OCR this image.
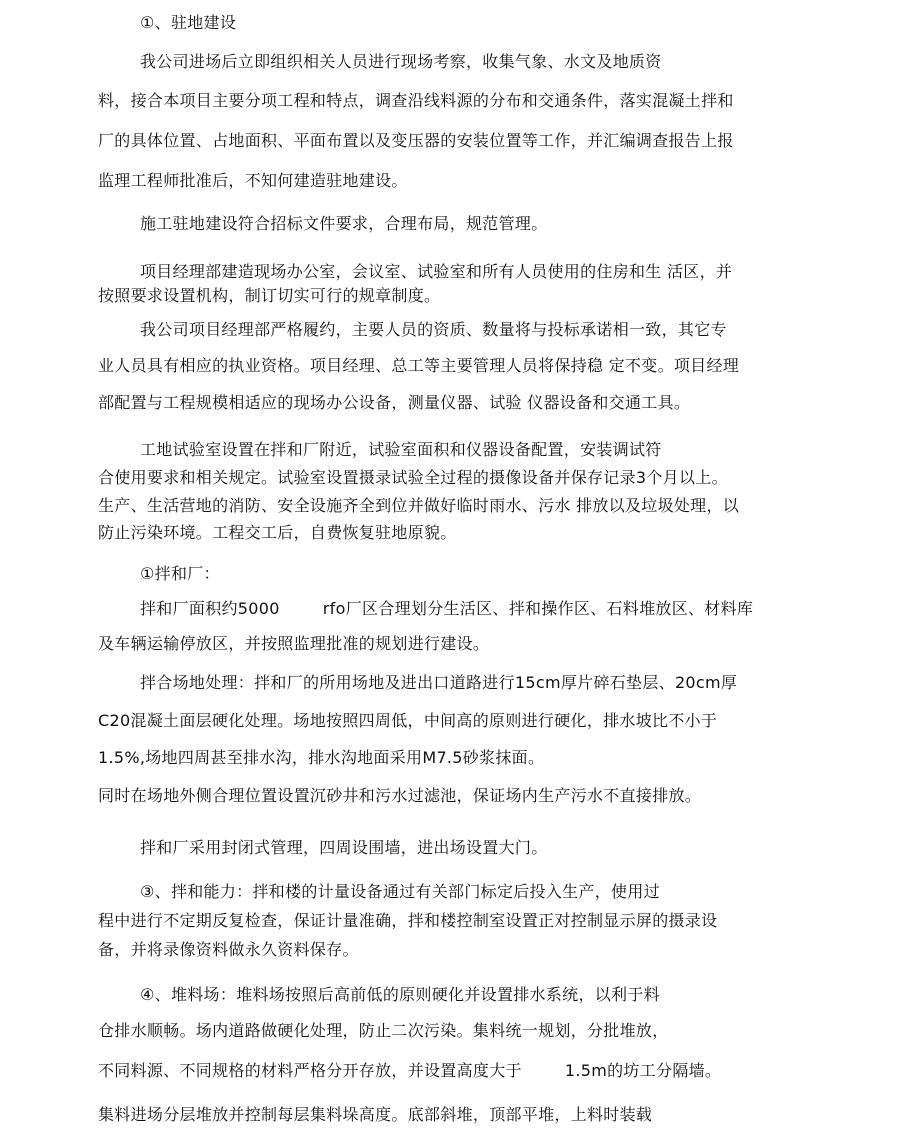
①、驻地建设
我公司进场后立即组织相关人员进行现场考察，收集气象、水文及地质资
料，接合本项目主要分项工程和特点，调查沿线料源的分布和交通条件，落实混凝土拌和
厂的具体位置、占地面积、平面布置以及变压器的安装位置等工作，并汇编调查报告上报
监理工程师批准后，不知何建造驻地建设。
施工驻地建设符合招标文件要求，合理布局，规范管理。
项目经理部建造现场办公室，会议室、试验室和所有人员使用的住房和生 活区，并
按照要求设置机构，制订切实可行的规章制度。
我公司项目经理部严格履约，主要人员的资质、数量将与投标承诺相一致，其它专
业人员具有相应的执业资格。项目经理、总工等主要管理人员将保持稳 定不变。项目经理
部配置与工程规模相适应的现场办公设备，测量仪器、试验 仪器设备和交通工具。
工地试验室设置在拌和厂附近，试验室面积和仪器设备配置，安装调试符
合使用要求和相关规定。试验室设置摄录试验全过程的摄像设备并保存记录3个月以上。
生产、生活营地的消防、安全设施齐全到位并做好临时雨水、污水 排放以及垃圾处理，以
防止污染环境。工程交工后，自费恢复驻地原貌。
①拌和厂：
拌和厂面积约5000        rfo厂区合理划分生活区、拌和操作区、石料堆放区、材料库
及车辆运输停放区，并按照监理批准的规划进行建设。
拌合场地处理：拌和厂的所用场地及进出口道路进行15cm厚片碎石垫层、20cm厚
C20混凝土面层硬化处理。场地按照四周低，中间高的原则进行硬化，排水坡比不小于
1.5%,场地四周甚至排水沟，排水沟地面采用M7.5砂浆抹面。
同时在场地外侧合理位置设置沉砂井和污水过滤池，保证场内生产污水不直接排放。
拌和厂采用封闭式管理，四周设围墙，进出场设置大门。
③、拌和能力：拌和楼的计量设备通过有关部门标定后投入生产，使用过
程中进行不定期反复检查，保证计量准确，拌和楼控制室设置正对控制显示屏的摄录设
备，并将录像资料做永久资料保存。
④、堆料场：堆料场按照后高前低的原则硬化并设置排水系统，以利于料
仓排水顺畅。场内道路做硬化处理，防止二次污染。集料统一规划，分批堆放，
不同料源、不同规格的材料严格分开存放，并设置高度大于        1.5m的坊工分隔墙。
集料进场分层堆放并控制每层集料垛高度。底部斜堆，顶部平堆，上料时装载
